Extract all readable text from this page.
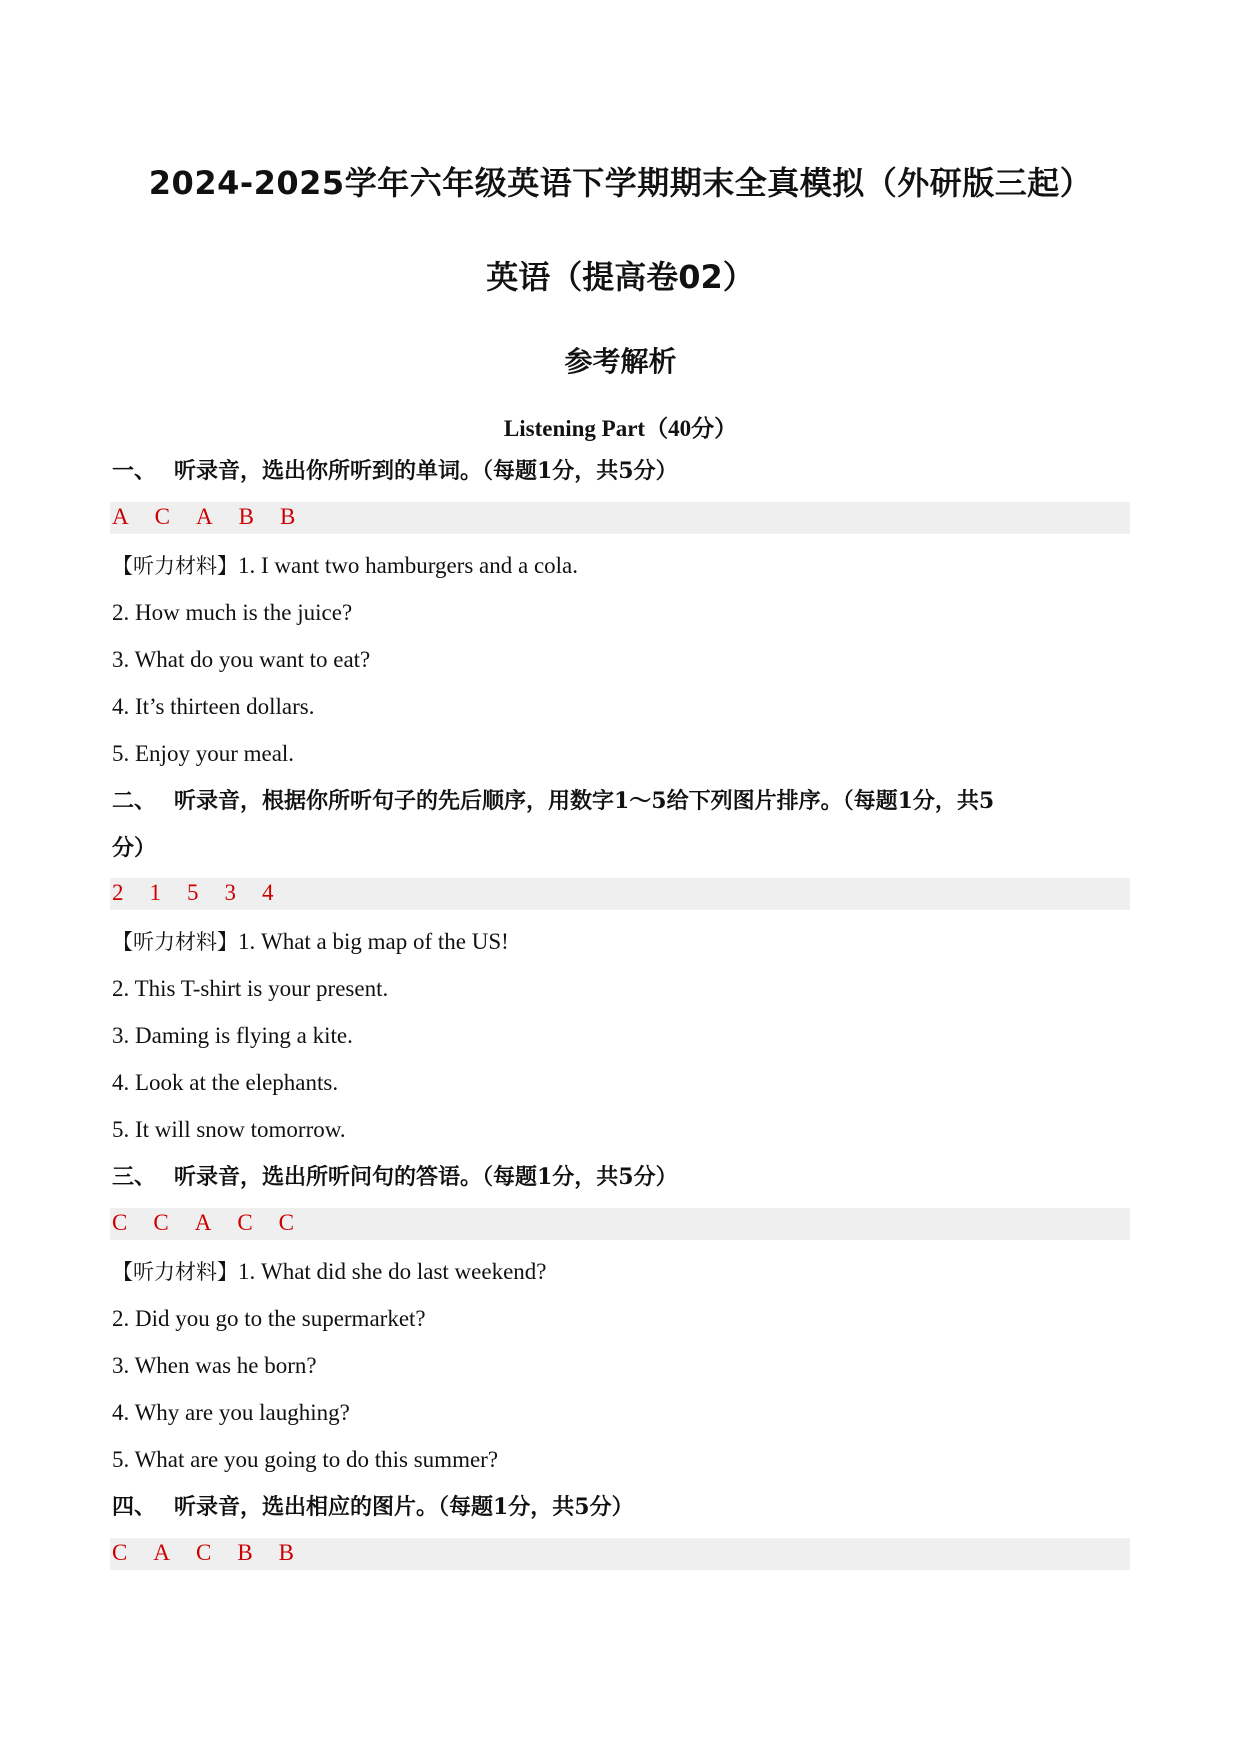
2024-2025学年六年级英语下学期期末全真模拟（外研版三起）
英语（提高卷02）
参考解析
Listening Part（40分）
一、 听录音，选出你所听到的单词。（每题1分，共5分）
A C A B B
【听力材料】1. I want two hamburgers and a cola.
2. How much is the juice?
3. What do you want to eat?
4. It’s thirteen dollars.
5. Enjoy your meal.
二、 听录音，根据你所听句子的先后顺序，用数字1～5给下列图片排序。（每题1分，共5
分）
2 1 5 3 4
【听力材料】1. What a big map of the US!
2. This T-shirt is your present.
3. Daming is flying a kite.
4. Look at the elephants.
5. It will snow tomorrow.
三、 听录音，选出所听问句的答语。（每题1分，共5分）
C C A C C
【听力材料】1. What did she do last weekend?
2. Did you go to the supermarket?
3. When was he born?
4. Why are you laughing?
5. What are you going to do this summer?
四、 听录音，选出相应的图片。（每题1分，共5分）
C A C B B
